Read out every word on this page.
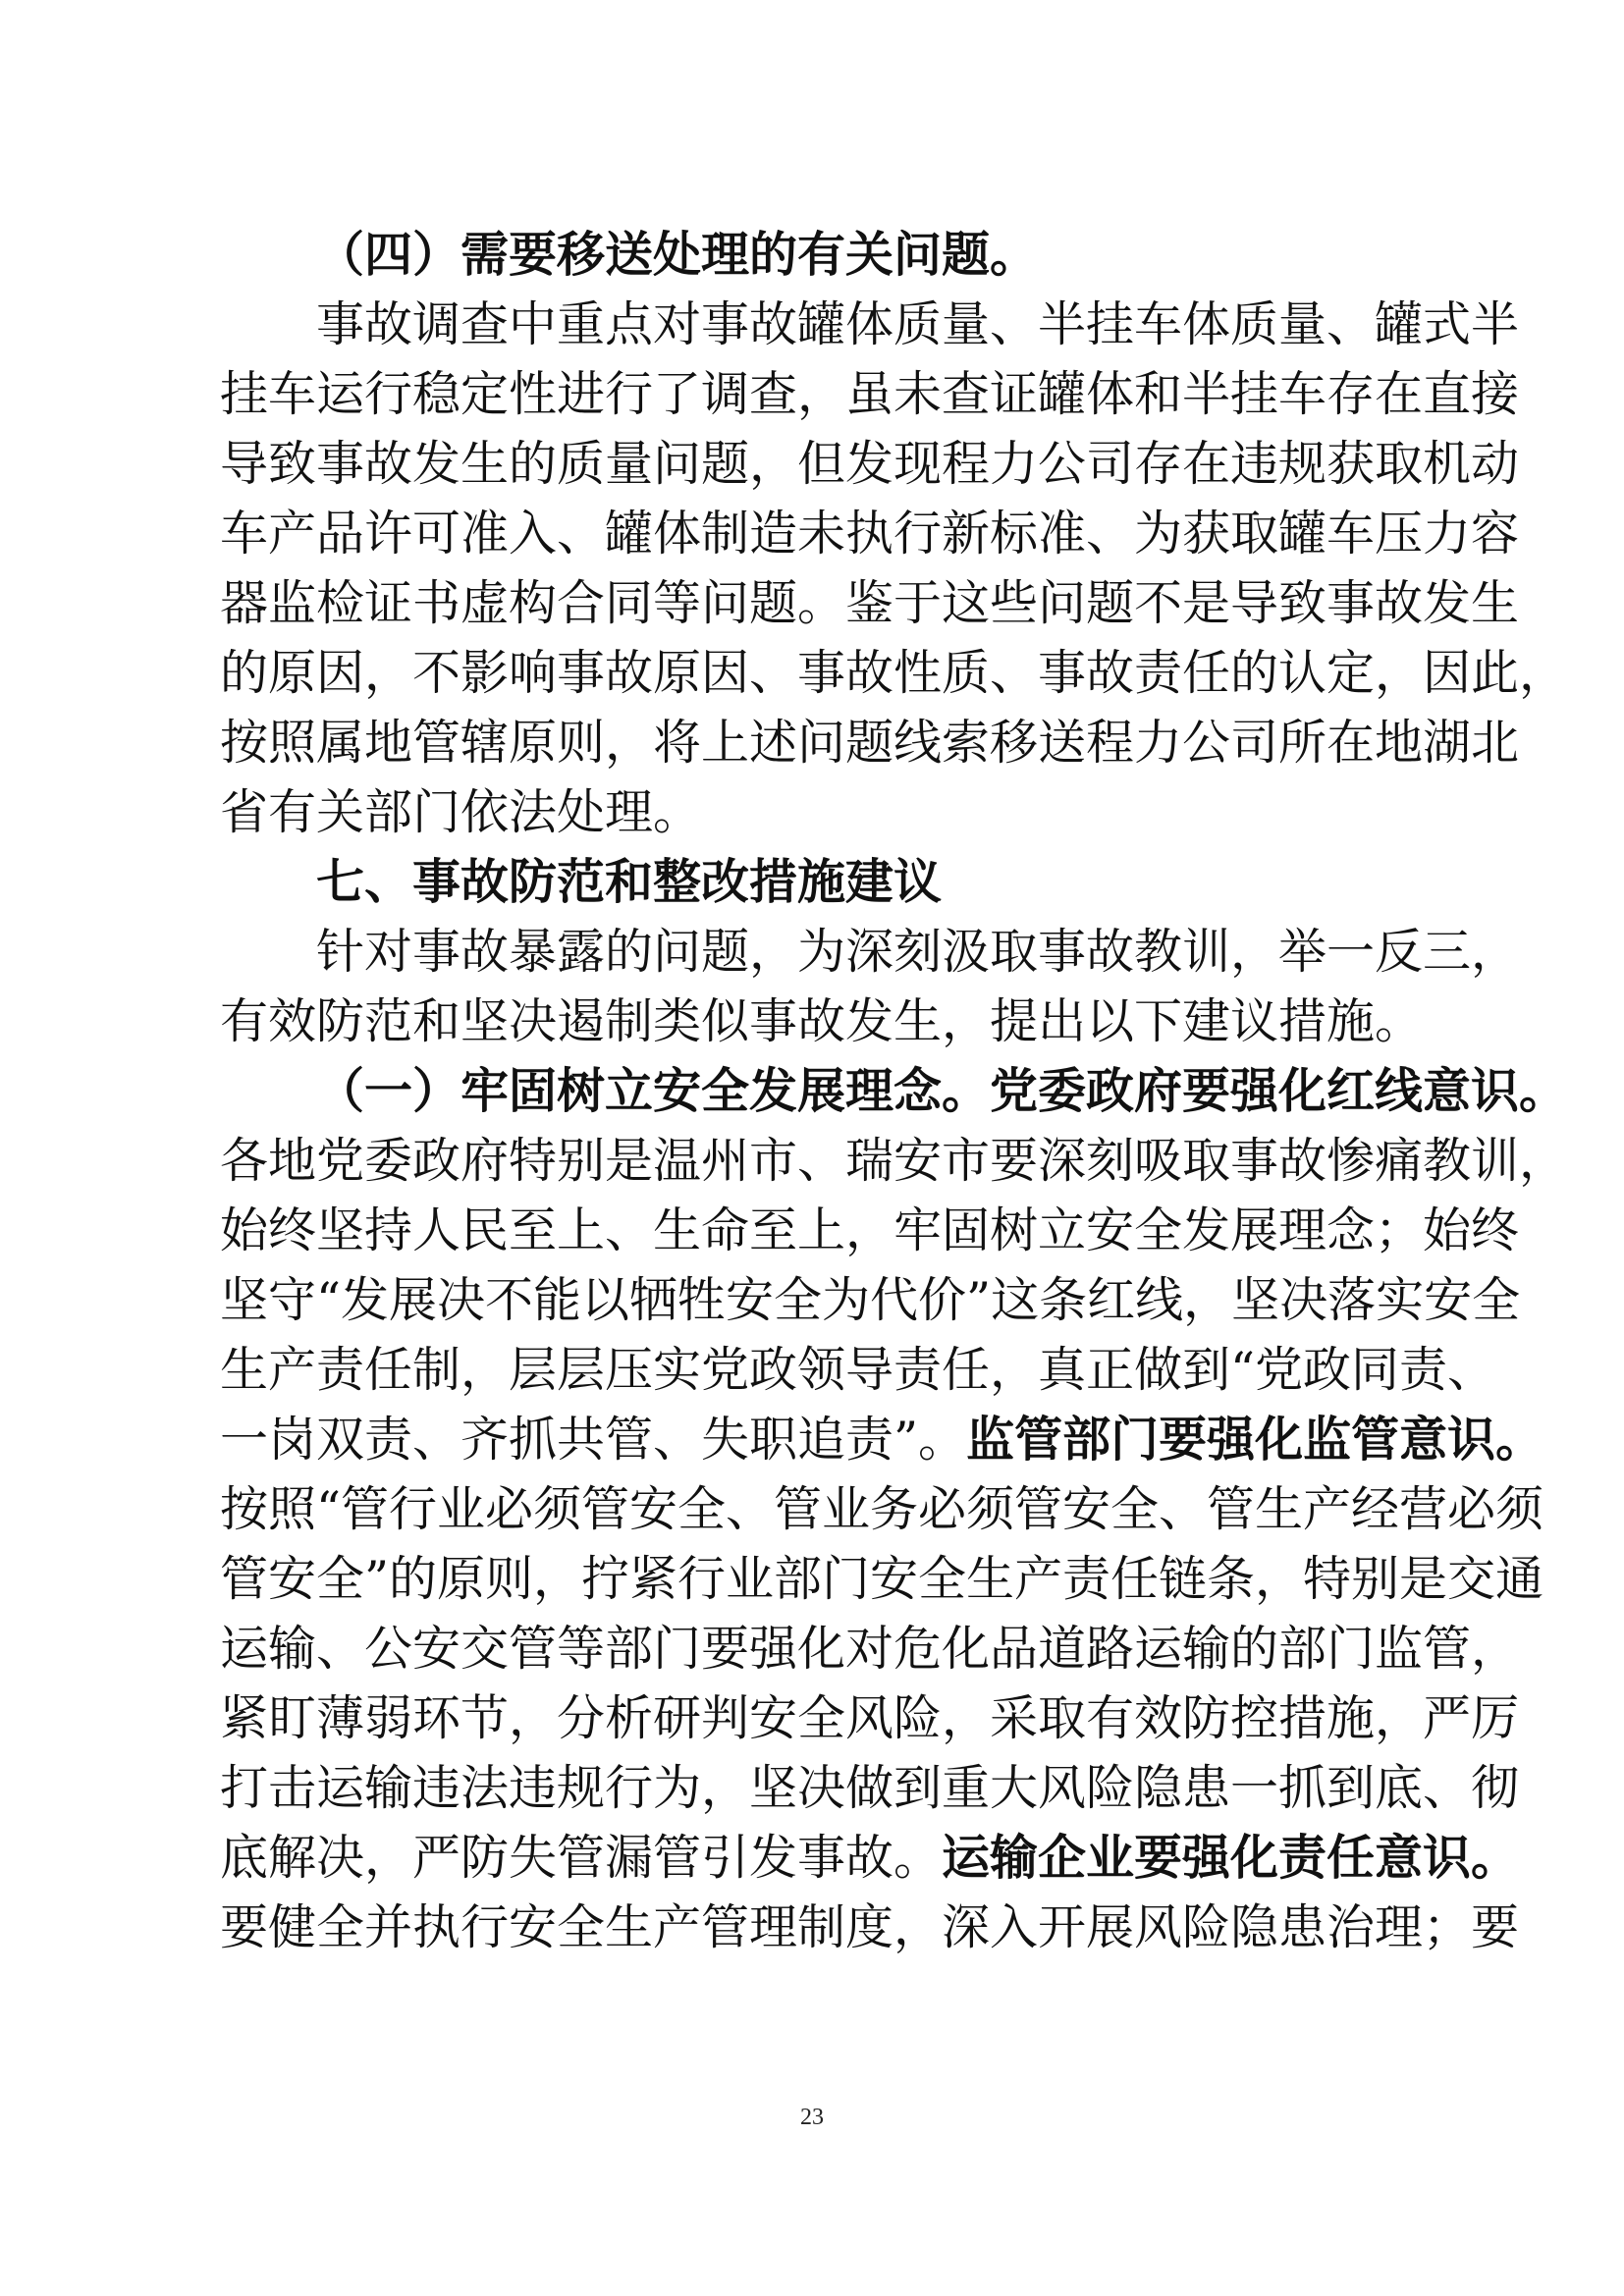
（四）需要移送处理的有关问题。
事故调查中重点对事故罐体质量、半挂车体质量、罐式半
挂车运行稳定性进行了调查，虽未查证罐体和半挂车存在直接
导致事故发生的质量问题，但发现程力公司存在违规获取机动
车产品许可准入、罐体制造未执行新标准、为获取罐车压力容
器监检证书虚构合同等问题。鉴于这些问题不是导致事故发生
的原因，不影响事故原因、事故性质、事故责任的认定，因此，
按照属地管辖原则，将上述问题线索移送程力公司所在地湖北
省有关部门依法处理。
七、事故防范和整改措施建议
针对事故暴露的问题，为深刻汲取事故教训，举一反三，
有效防范和坚决遏制类似事故发生，提出以下建议措施。
（一）牢固树立安全发展理念。党委政府要强化红线意识。
各地党委政府特别是温州市、瑞安市要深刻吸取事故惨痛教训，
始终坚持人民至上、生命至上，牢固树立安全发展理念；始终
坚守“发展决不能以牺牲安全为代价”这条红线，坚决落实安全
生产责任制，层层压实党政领导责任，真正做到“党政同责、
一岗双责、齐抓共管、失职追责”。监管部门要强化监管意识。
按照“管行业必须管安全、管业务必须管安全、管生产经营必须
管安全”的原则，拧紧行业部门安全生产责任链条，特别是交通
运输、公安交管等部门要强化对危化品道路运输的部门监管，
紧盯薄弱环节，分析研判安全风险，采取有效防控措施，严厉
打击运输违法违规行为，坚决做到重大风险隐患一抓到底、彻
底解决，严防失管漏管引发事故。运输企业要强化责任意识。
要健全并执行安全生产管理制度，深入开展风险隐患治理；要
23
